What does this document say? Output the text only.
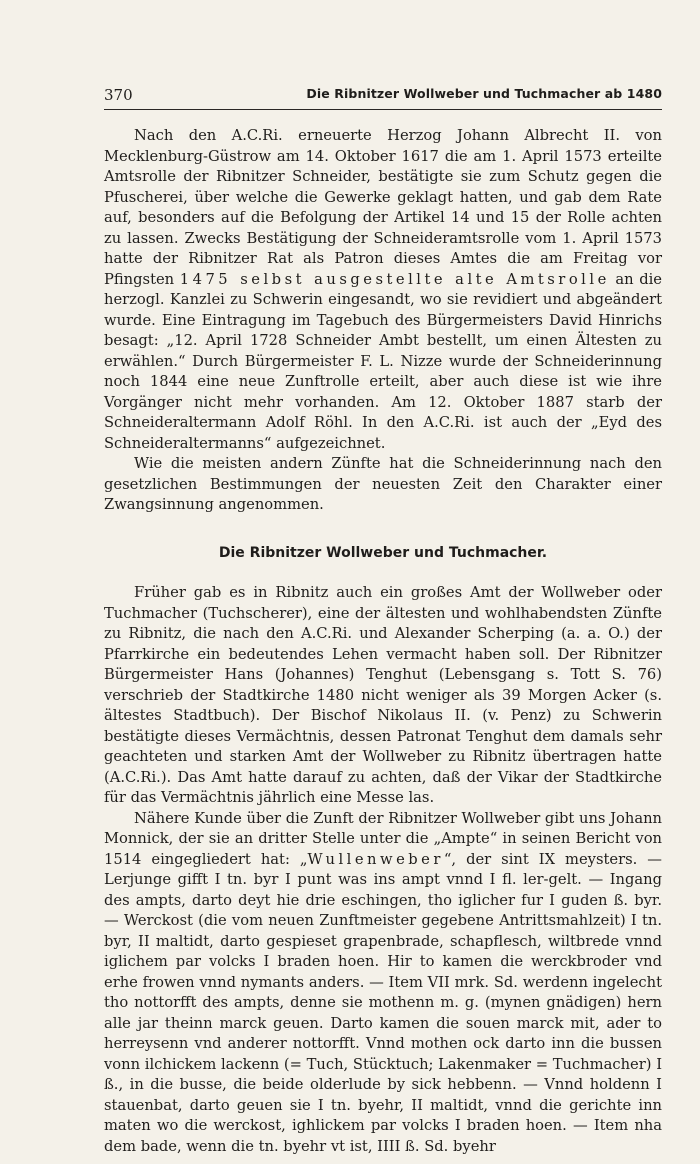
370	Die Ribnitzer Wollweber und Tuchmacher ab 1480

Nach den A.C.Ri. erneuerte Herzog Johann Albrecht II. von Mecklenburg-Güstrow am 14. Oktober 1617 die am 1. April 1573 erteilte Amtsrolle der Ribnitzer Schneider, bestätigte sie zum Schutz gegen die Pfuscherei, über welche die Gewerke geklagt hatten, und gab dem Rate auf, besonders auf die Befolgung der Artikel 14 und 15 der Rolle achten zu lassen. Zwecks Bestätigung der Schneideramtsrolle vom 1. April 1573 hatte der Ribnitzer Rat als Patron dieses Amtes die am Freitag vor Pfingsten 1475 selbst ausgestellte alte Amtsrolle an die herzogl. Kanzlei zu Schwerin eingesandt, wo sie revidiert und abgeändert wurde. Eine Eintragung im Tagebuch des Bürgermeisters David Hinrichs besagt: „12. April 1728 Schneider Ambt bestellt, um einen Ältesten zu erwählen.“ Durch Bürgermeister F. L. Nizze wurde der Schneiderinnung noch 1844 eine neue Zunftrolle erteilt, aber auch diese ist wie ihre Vorgänger nicht mehr vorhanden. Am 12. Oktober 1887 starb der Schneideraltermann Adolf Röhl. In den A.C.Ri. ist auch der „Eyd des Schneideraltermanns“ aufgezeichnet.

Wie die meisten andern Zünfte hat die Schneiderinnung nach den gesetzlichen Bestimmungen der neuesten Zeit den Charakter einer Zwangsinnung angenommen.

Die Ribnitzer Wollweber und Tuchmacher.

Früher gab es in Ribnitz auch ein großes Amt der Wollweber oder Tuchmacher (Tuchscherer), eine der ältesten und wohlhabendsten Zünfte zu Ribnitz, die nach den A.C.Ri. und Alexander Scherping (a. a. O.) der Pfarrkirche ein bedeutendes Lehen vermacht haben soll. Der Ribnitzer Bürgermeister Hans (Johannes) Tenghut (Lebensgang s. Tott S. 76) verschrieb der Stadtkirche 1480 nicht weniger als 39 Morgen Acker (s. ältestes Stadtbuch). Der Bischof Nikolaus II. (v. Penz) zu Schwerin bestätigte dieses Vermächtnis, dessen Patronat Tenghut dem damals sehr geachteten und starken Amt der Wollweber zu Ribnitz übertragen hatte (A.C.Ri.). Das Amt hatte darauf zu achten, daß der Vikar der Stadtkirche für das Vermächtnis jährlich eine Messe las.

Nähere Kunde über die Zunft der Ribnitzer Wollweber gibt uns Johann Monnick, der sie an dritter Stelle unter die „Ampte“ in seinen Bericht von 1514 eingegliedert hat: „Wullenweber“, der sint IX meysters. — Lerjunge gifft I tn. byr I punt was ins ampt vnnd I fl. ler-gelt. — Ingang des ampts, darto deyt hie drie eschingen, tho iglicher fur I guden ß. byr. — Werckost (die vom neuen Zunftmeister gegebene Antrittsmahlzeit) I tn. byr, II maltidt, darto gespieset grapenbrade, schapflesch, wiltbrede vnnd iglichem par volcks I braden hoen. Hir to kamen die werckbroder vnd erhe frowen vnnd nymants anders. — Item VII mrk. Sd. werdenn ingelecht tho nottorfft des ampts, denne sie mothenn m. g. (mynen gnädigen) hern alle jar theinn marck geuen. Darto kamen die souen marck mit, ader to herreysenn vnd anderer nottorfft. Vnnd mothen ock darto inn die bussen vonn ilchickem lackenn (= Tuch, Stücktuch; Lakenmaker = Tuchmacher) I ß., in die busse, die beide olderlude by sick hebbenn. — Vnnd holdenn I stauenbat, darto geuen sie I tn. byehr, II maltidt, vnnd die gerichte inn maten wo die werckost, ighlickem par volcks I braden hoen. — Item nha dem bade, wenn die tn. byehr vt ist, IIII ß. Sd. byehr
